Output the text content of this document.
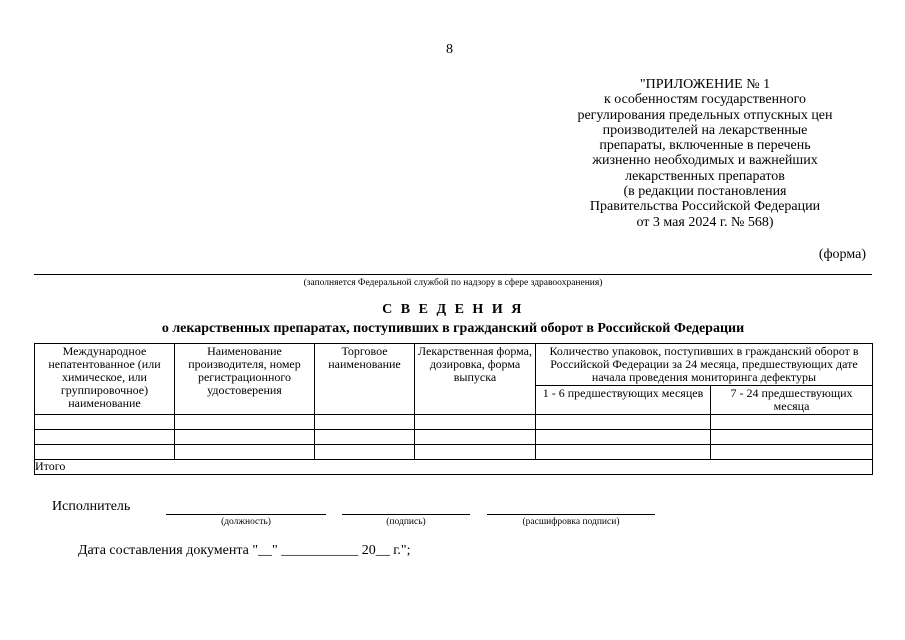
8
"ПРИЛОЖЕНИЕ № 1
к особенностям государственного
регулирования предельных отпускных цен
производителей на лекарственные
препараты, включенные в перечень
жизненно необходимых и важнейших
лекарственных препаратов
(в редакции постановления
Правительства Российской Федерации
от 3 мая 2024 г. № 568)
(форма)
(заполняется Федеральной службой по надзору в сфере здравоохранения)
С В Е Д Е Н И Я
о лекарственных препаратах, поступивших в гражданский оборот в Российской Федерации
Международное непатентованное (или химическое, или группировочное) наименование	Наименование производителя, номер регистрационного удостоверения	Торговое наименование	Лекарственная форма, дозировка, форма выпуска	Количество упаковок, поступивших в гражданский оборот в Российской Федерации за 24 месяца, предшествующих дате начала проведения мониторинга дефектуры	
				1 - 6 предшествующих месяцев	7 - 24 предшествующих месяца

Итого					
Исполнитель
(должность)	(подпись)	(расшифровка подписи)
Дата составления документа "__" ___________ 20__ г.";
